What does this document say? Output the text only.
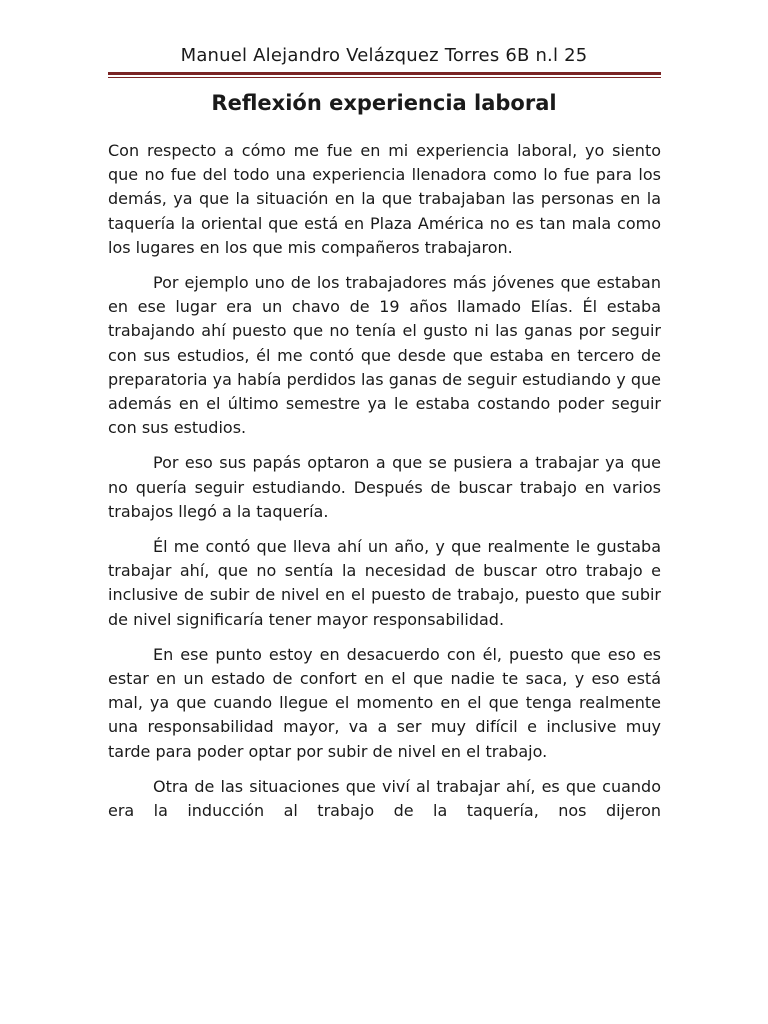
Manuel Alejandro Velázquez Torres 6B n.l 25
Reflexión experiencia laboral

Con respecto a cómo me fue en mi experiencia laboral, yo siento que no fue del todo una experiencia llenadora como lo fue para los demás, ya que la situación en la que trabajaban las personas en la taquería la oriental que está en Plaza América no es tan mala como los lugares en los que mis compañeros trabajaron.

Por ejemplo uno de los trabajadores más jóvenes que estaban en ese lugar era un chavo de 19 años llamado Elías. Él estaba trabajando ahí puesto que no tenía el gusto ni las ganas por seguir con sus estudios, él me contó que desde que estaba en tercero de preparatoria ya había perdidos las ganas de seguir estudiando y que además en el último semestre ya le estaba costando poder seguir con sus estudios.

Por eso sus papás optaron a que se pusiera a trabajar ya que no quería seguir estudiando. Después de buscar trabajo en varios trabajos llegó a la taquería.

Él me contó que lleva ahí un año, y que realmente le gustaba trabajar ahí, que no sentía la necesidad de buscar otro trabajo e inclusive de subir de nivel en el puesto de trabajo, puesto que subir de nivel significaría tener mayor responsabilidad.

En ese punto estoy en desacuerdo con él, puesto que eso es estar en un estado de confort en el que nadie te saca, y eso está mal, ya que cuando llegue el momento en el que tenga realmente una responsabilidad mayor, va a ser muy difícil e inclusive muy tarde para poder optar por subir de nivel en el trabajo.

Otra de las situaciones que viví al trabajar ahí, es que cuando era la inducción al trabajo de la taquería, nos dijeron
